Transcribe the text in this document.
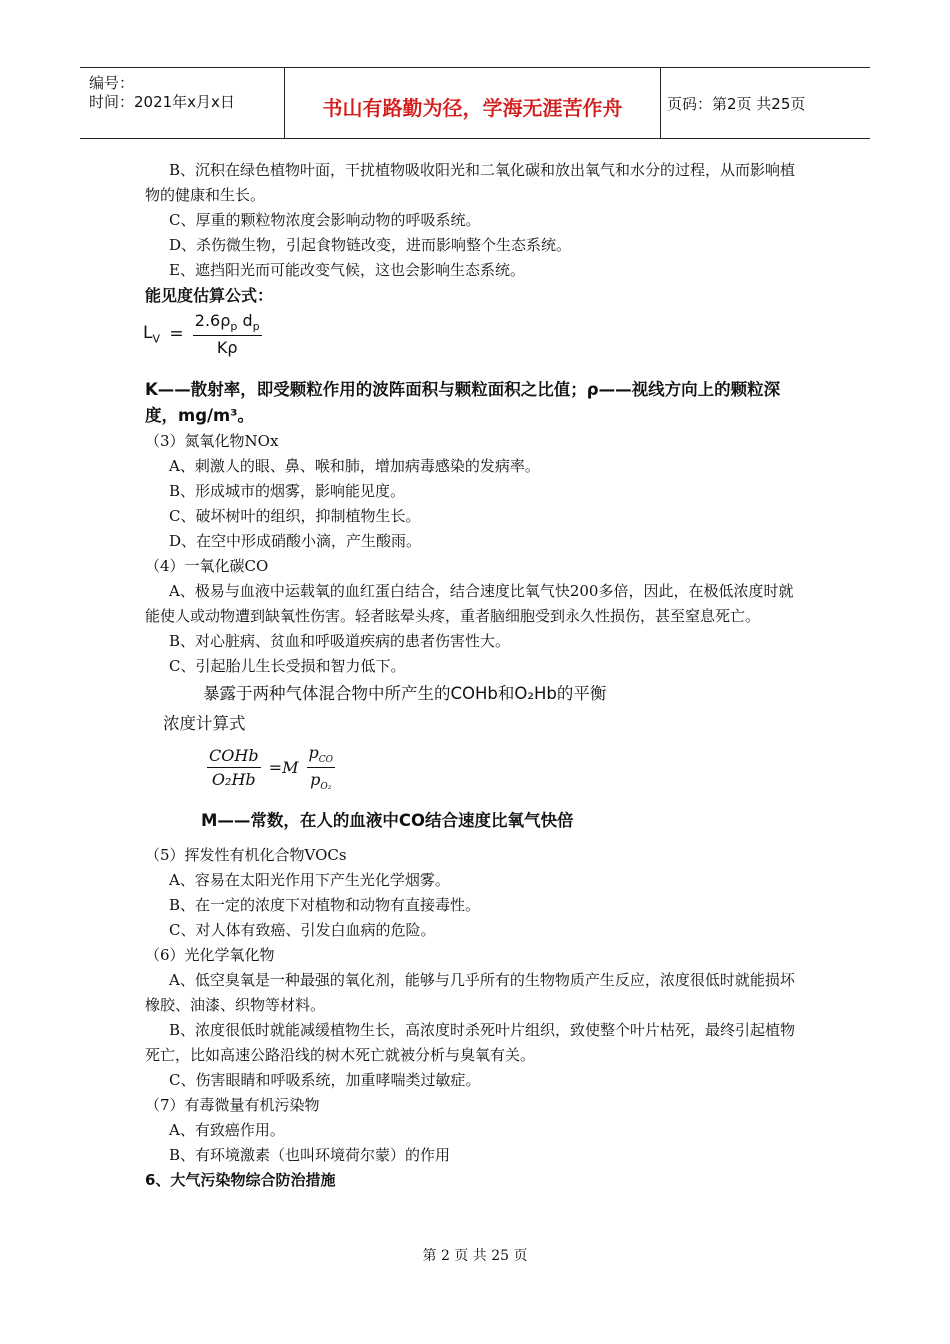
编号：
时间：2021年x月x日	书山有路勤为径，学海无涯苦作舟	页码：第2页 共25页

B、沉积在绿色植物叶面，干扰植物吸收阳光和二氧化碳和放出氧气和水分的过程，从而影响植物的健康和生长。

C、厚重的颗粒物浓度会影响动物的呼吸系统。

D、杀伤微生物，引起食物链改变，进而影响整个生态系统。

E、遮挡阳光而可能改变气候，这也会影响生态系统。

能见度估算公式：

$L_V = \frac{2.6\rho_p d_p}{K\rho}$

K——散射率，即受颗粒作用的波阵面积与颗粒面积之比值；ρ——视线方向上的颗粒深度，mg/m³。

（3）氮氧化物NOx

A、刺激人的眼、鼻、喉和肺，增加病毒感染的发病率。

B、形成城市的烟雾，影响能见度。

C、破坏树叶的组织，抑制植物生长。

D、在空中形成硝酸小滴，产生酸雨。

（4）一氧化碳CO

A、极易与血液中运载氧的血红蛋白结合，结合速度比氧气快200多倍，因此，在极低浓度时就能使人或动物遭到缺氧性伤害。轻者眩晕头疼，重者脑细胞受到永久性损伤，甚至窒息死亡。

B、对心脏病、贫血和呼吸道疾病的患者伤害性大。

C、引起胎儿生长受损和智力低下。

暴露于两种气体混合物中所产生的COHb和O₂Hb的平衡

浓度计算式

$\frac{\text{COHb}}{\text{O₂Hb}} =M \frac{p_{CO}}{p_{O_2}}$

M——常数，在人的血液中CO结合速度比氧气快倍

（5）挥发性有机化合物VOCs

A、容易在太阳光作用下产生光化学烟雾。

B、在一定的浓度下对植物和动物有直接毒性。

C、对人体有致癌、引发白血病的危险。

（6）光化学氧化物

A、低空臭氧是一种最强的氧化剂，能够与几乎所有的生物物质产生反应，浓度很低时就能损坏橡胶、油漆、织物等材料。

B、浓度很低时就能减缓植物生长，高浓度时杀死叶片组织，致使整个叶片枯死，最终引起植物死亡，比如高速公路沿线的树木死亡就被分析与臭氧有关。

C、伤害眼睛和呼吸系统，加重哮喘类过敏症。

（7）有毒微量有机污染物

A、有致癌作用。

B、有环境激素（也叫环境荷尔蒙）的作用

6、大气污染物综合防治措施

第 2 页 共 25 页
